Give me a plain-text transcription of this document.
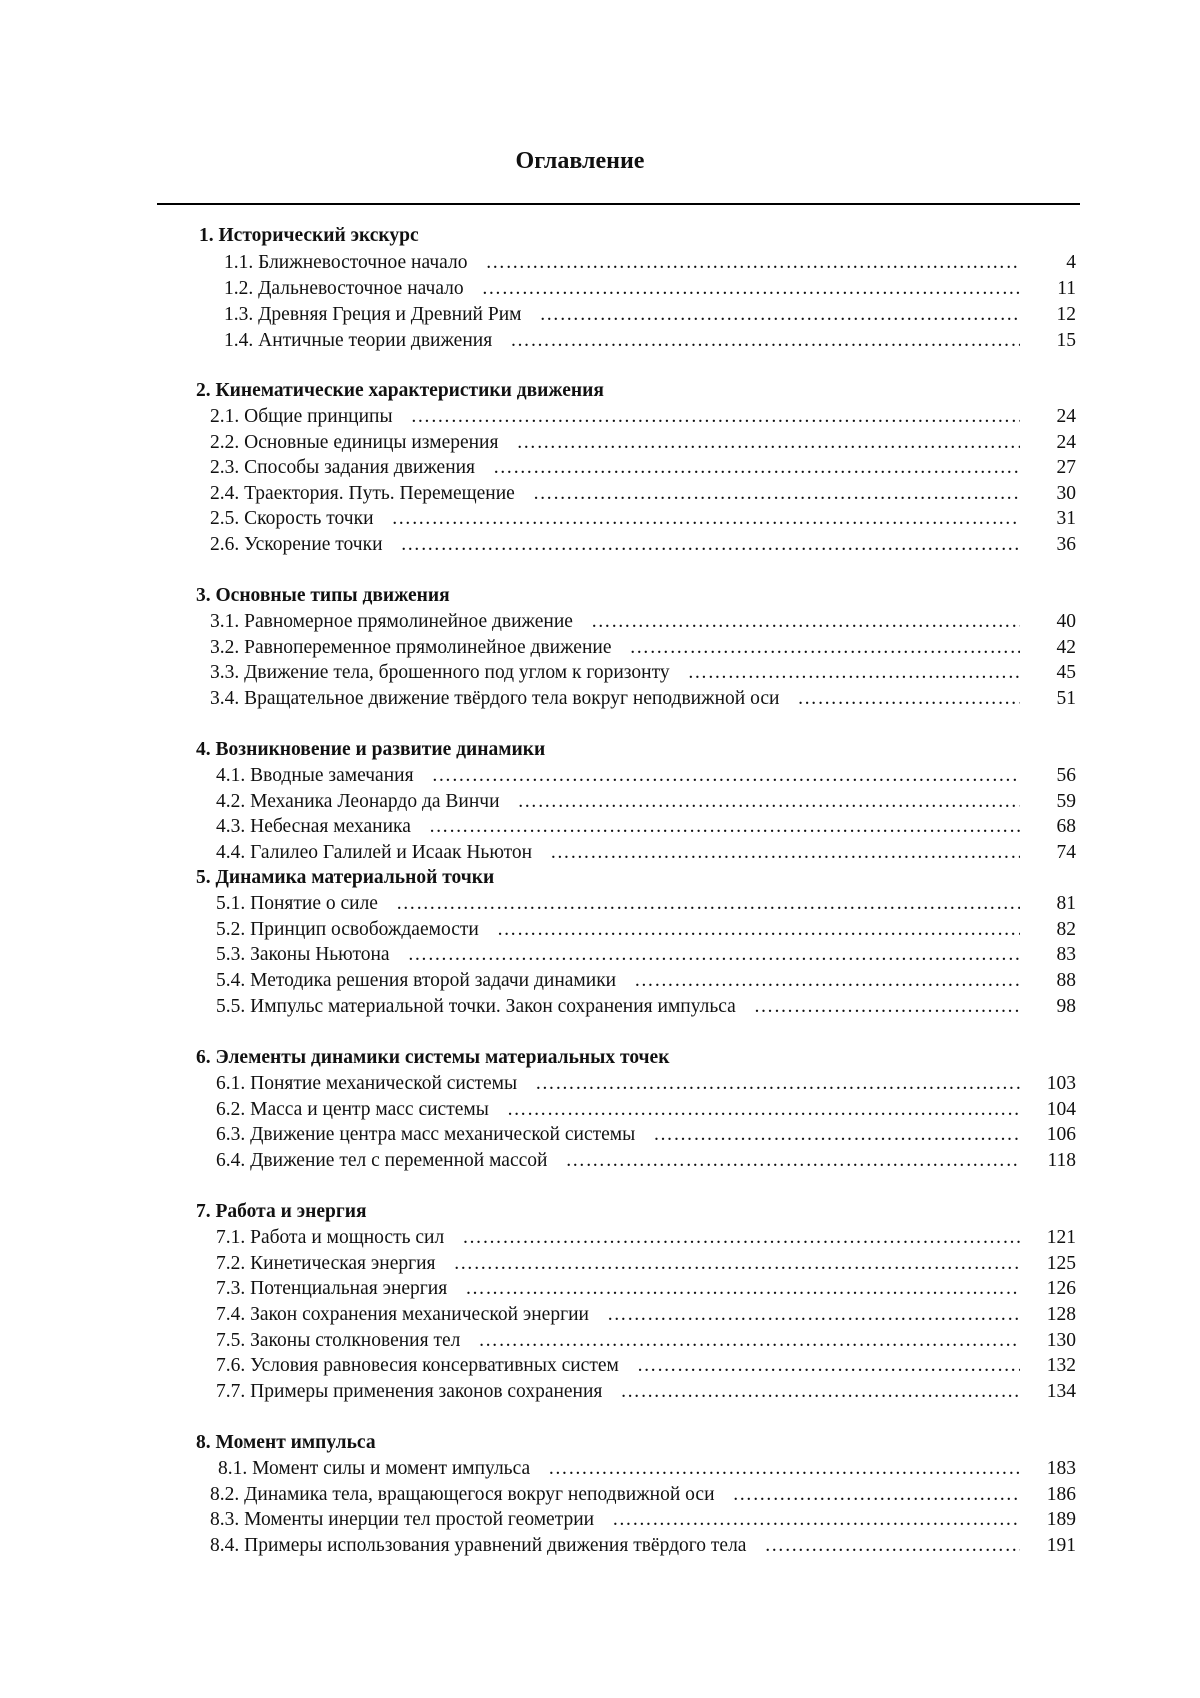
Оглавление
1. Исторический экскурс
1.1. Ближневосточное начало ……………………………………………………………………………………………………………………………………………………………	4
1.2. Дальневосточное начало ……………………………………………………………………………………………………………………………………………………………	11
1.3. Древняя Греция и Древний Рим ……………………………………………………………………………………………………………………………………………………………	12
1.4. Античные теории движения ……………………………………………………………………………………………………………………………………………………………	15
2. Кинематические характеристики движения
2.1. Общие принципы ……………………………………………………………………………………………………………………………………………………………	24
2.2. Основные единицы измерения ……………………………………………………………………………………………………………………………………………………………	24
2.3. Способы задания движения ……………………………………………………………………………………………………………………………………………………………	27
2.4. Траектория. Путь. Перемещение ……………………………………………………………………………………………………………………………………………………………	30
2.5. Скорость точки ……………………………………………………………………………………………………………………………………………………………	31
2.6. Ускорение точки ……………………………………………………………………………………………………………………………………………………………	36
3. Основные типы движения
3.1. Равномерное прямолинейное движение ……………………………………………………………………………………………………………………………………………………………	40
3.2. Равнопеременное прямолинейное движение ……………………………………………………………………………………………………………………………………………………………	42
3.3. Движение тела, брошенного под углом к горизонту ……………………………………………………………………………………………………………………………………………………………	45
3.4. Вращательное движение твёрдого тела вокруг неподвижной оси ……………………………………………………………………………………………………………………………………………………………	51
4. Возникновение и развитие динамики
4.1. Вводные замечания ……………………………………………………………………………………………………………………………………………………………	56
4.2. Механика Леонардо да Винчи ……………………………………………………………………………………………………………………………………………………………	59
4.3. Небесная механика ……………………………………………………………………………………………………………………………………………………………	68
4.4. Галилео Галилей и Исаак Ньютон ……………………………………………………………………………………………………………………………………………………………	74
5. Динамика материальной точки
5.1. Понятие о силе ……………………………………………………………………………………………………………………………………………………………	81
5.2. Принцип освобождаемости ……………………………………………………………………………………………………………………………………………………………	82
5.3. Законы Ньютона ……………………………………………………………………………………………………………………………………………………………	83
5.4. Методика решения второй задачи динамики ……………………………………………………………………………………………………………………………………………………………	88
5.5. Импульс материальной точки. Закон сохранения импульса ……………………………………………………………………………………………………………………………………………………………	98
6. Элементы динамики системы материальных точек
6.1. Понятие механической системы ……………………………………………………………………………………………………………………………………………………………	103
6.2. Масса и центр масс системы ……………………………………………………………………………………………………………………………………………………………	104
6.3. Движение центра масс механической системы ……………………………………………………………………………………………………………………………………………………………	106
6.4. Движение тел с переменной массой ……………………………………………………………………………………………………………………………………………………………	118
7. Работа и энергия
7.1. Работа и мощность сил ……………………………………………………………………………………………………………………………………………………………	121
7.2. Кинетическая энергия ……………………………………………………………………………………………………………………………………………………………	125
7.3. Потенциальная энергия ……………………………………………………………………………………………………………………………………………………………	126
7.4. Закон сохранения механической энергии ……………………………………………………………………………………………………………………………………………………………	128
7.5. Законы столкновения тел ……………………………………………………………………………………………………………………………………………………………	130
7.6. Условия равновесия консервативных систем ……………………………………………………………………………………………………………………………………………………………	132
7.7. Примеры применения законов сохранения ……………………………………………………………………………………………………………………………………………………………	134
8. Момент импульса
8.1. Момент силы и момент импульса ……………………………………………………………………………………………………………………………………………………………	183
8.2. Динамика тела, вращающегося вокруг неподвижной оси ……………………………………………………………………………………………………………………………………………………………	186
8.3. Моменты инерции тел простой геометрии ……………………………………………………………………………………………………………………………………………………………	189
8.4. Примеры использования уравнений движения твёрдого тела ……………………………………………………………………………………………………………………………………………………………	191
